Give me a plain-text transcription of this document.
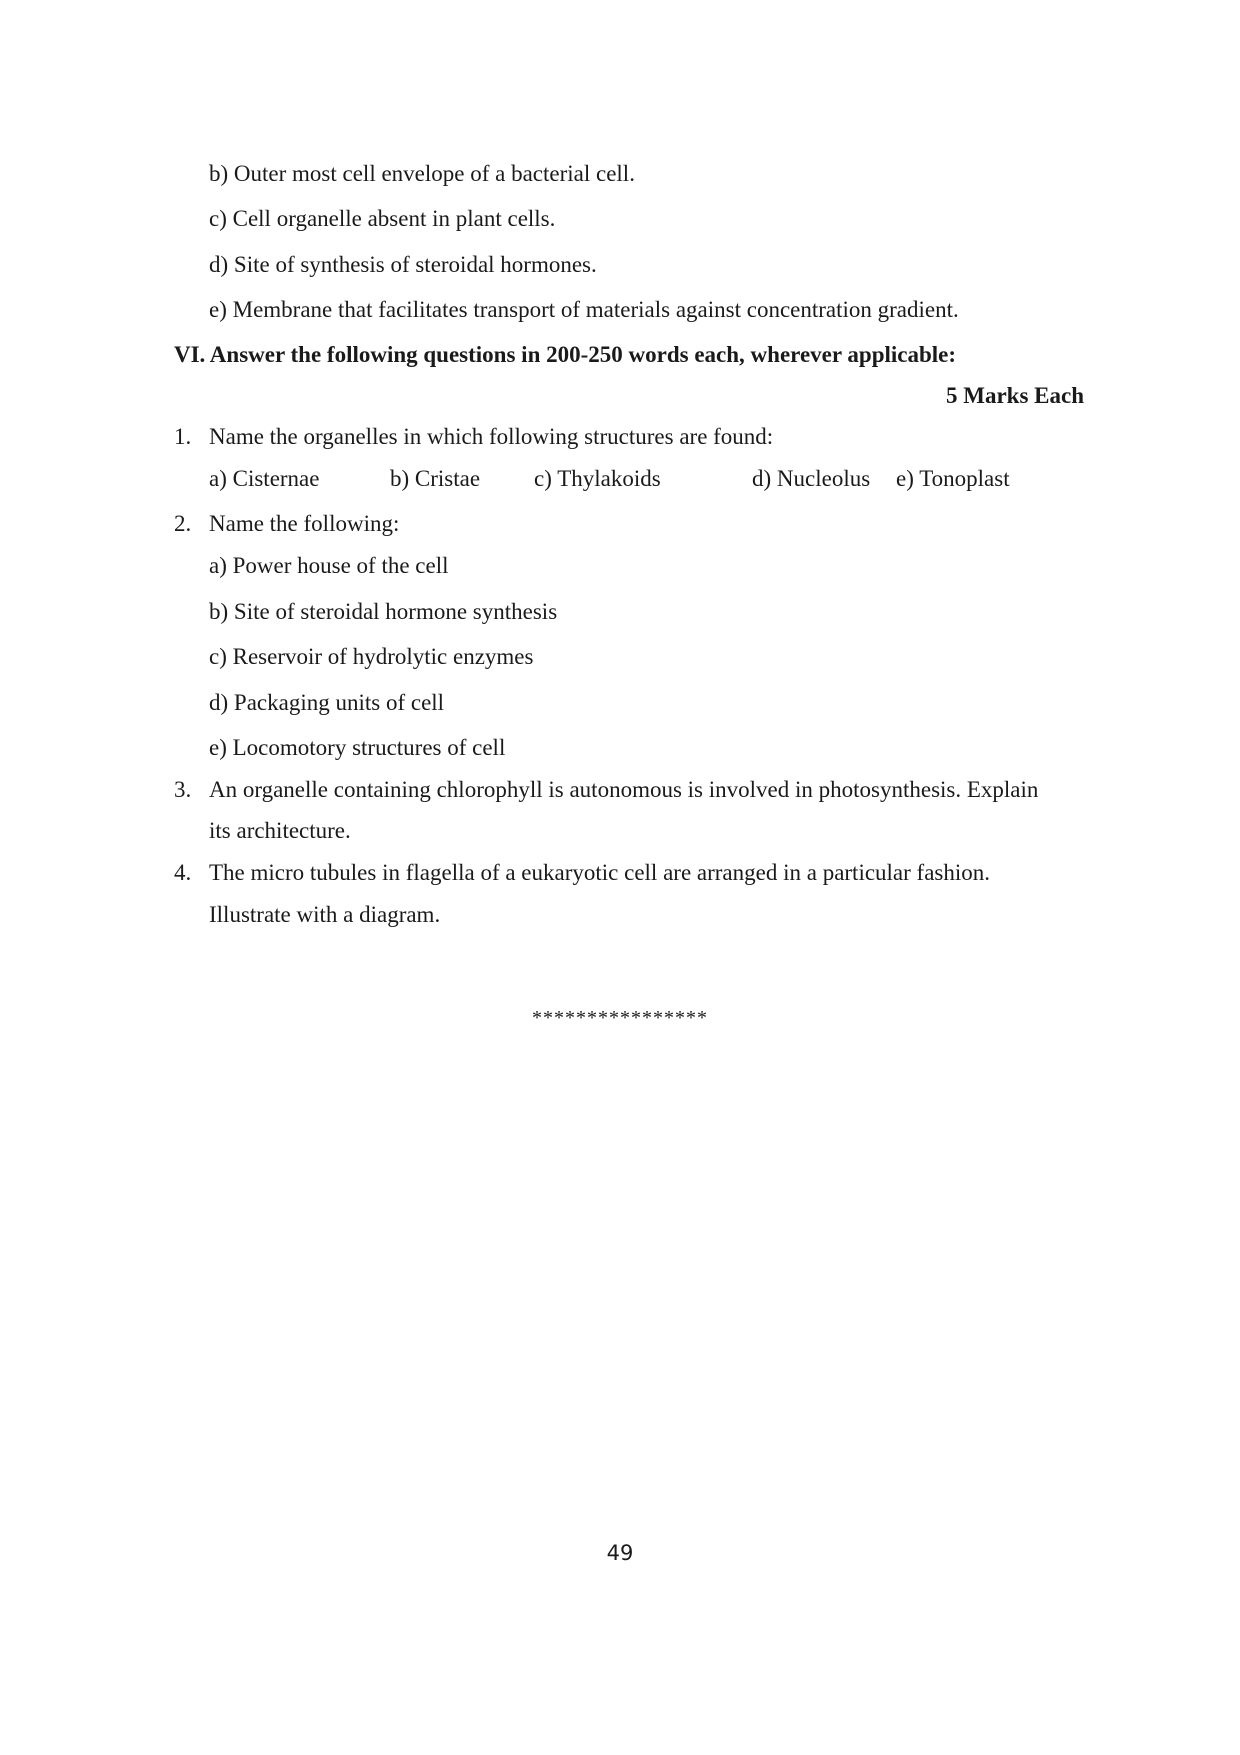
b) Outer most cell envelope of a bacterial cell.
c) Cell organelle absent in plant cells.
d) Site of synthesis of steroidal hormones.
e) Membrane that facilitates transport of materials against concentration gradient.
VI. Answer the following questions in 200-250 words each, wherever applicable:
5 Marks Each
1. Name the organelles in which following structures are found:
a) Cisternae	b) Cristae c) Thylakoids	d) Nucleolus e) Tonoplast
2. Name the following:
a) Power house of the cell
b) Site of steroidal hormone synthesis
c) Reservoir of hydrolytic enzymes
d) Packaging units of cell
e) Locomotory structures of cell
3. An organelle containing chlorophyll is autonomous is involved in photosynthesis. Explain
its architecture.
4. The micro tubules in flagella of a eukaryotic cell are arranged in a particular fashion.
Illustrate with a diagram.
****************
49
